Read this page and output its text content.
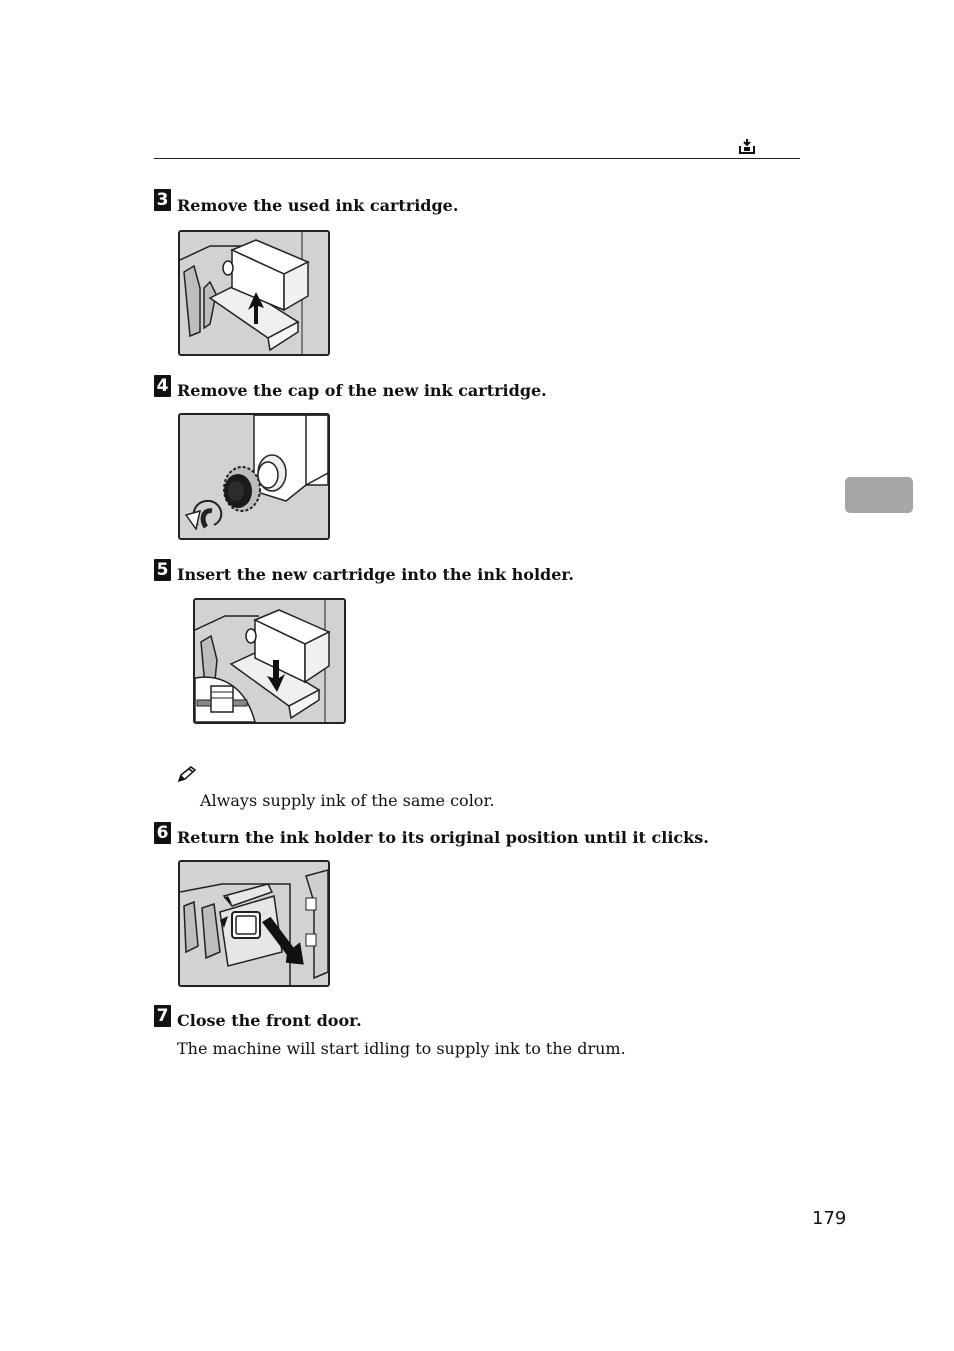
3 Remove the used ink cartridge.
4 Remove the cap of the new ink cartridge.
5 Insert the new cartridge into the ink holder.
Always supply ink of the same color.
6 Return the ink holder to its original position until it clicks.
7 Close the front door.
The machine will start idling to supply ink to the drum.
179
